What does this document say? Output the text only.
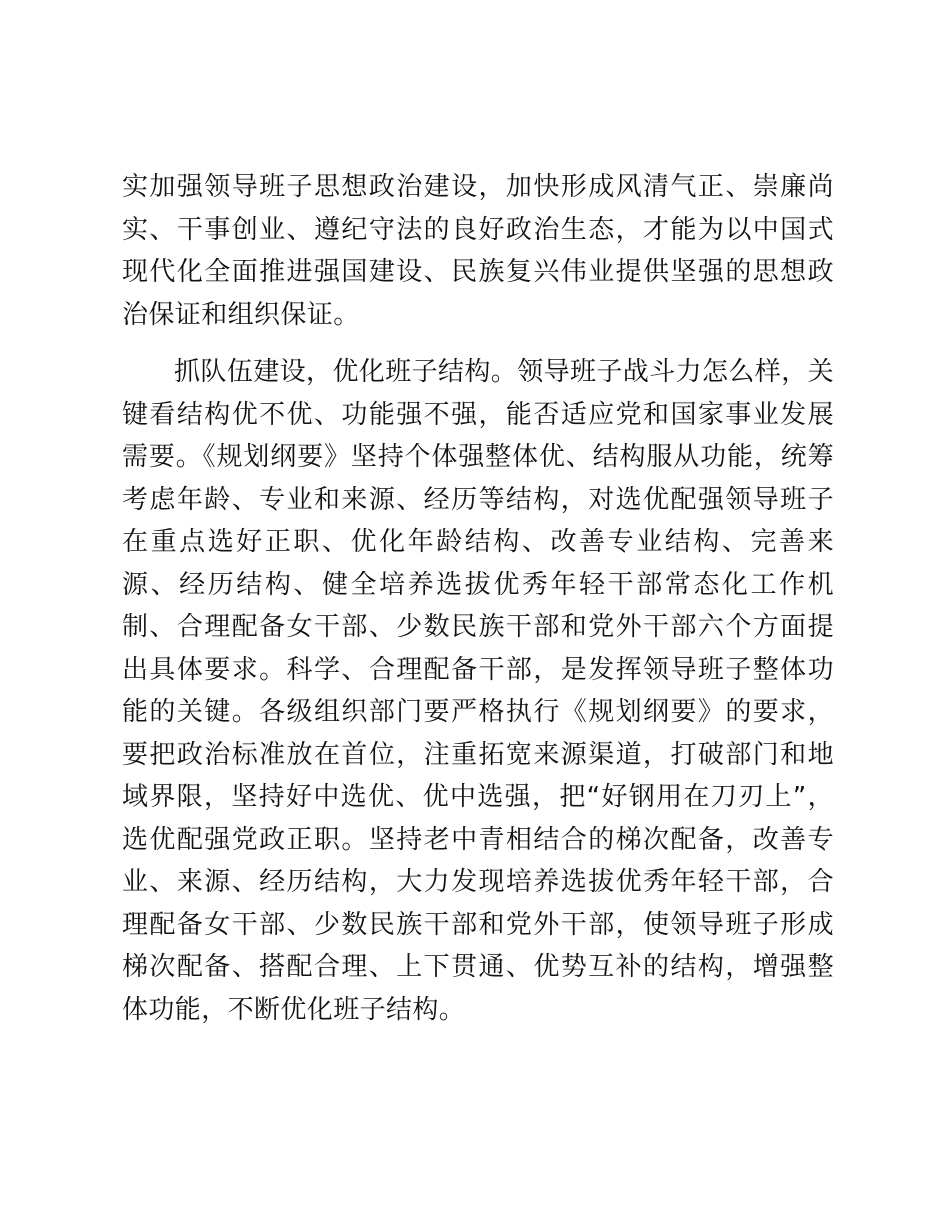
实加强领导班子思想政治建设，加快形成风清气正、崇廉尚实、干事创业、遵纪守法的良好政治生态，才能为以中国式现代化全面推进强国建设、民族复兴伟业提供坚强的思想政治保证和组织保证。

抓队伍建设，优化班子结构。领导班子战斗力怎么样，关键看结构优不优、功能强不强，能否适应党和国家事业发展需要。《规划纲要》坚持个体强整体优、结构服从功能，统筹考虑年龄、专业和来源、经历等结构，对选优配强领导班子在重点选好正职、优化年龄结构、改善专业结构、完善来源、经历结构、健全培养选拔优秀年轻干部常态化工作机制、合理配备女干部、少数民族干部和党外干部六个方面提出具体要求。科学、合理配备干部，是发挥领导班子整体功能的关键。各级组织部门要严格执行《规划纲要》的要求，要把政治标准放在首位，注重拓宽来源渠道，打破部门和地域界限，坚持好中选优、优中选强，把“好钢用在刀刃上”，选优配强党政正职。坚持老中青相结合的梯次配备，改善专业、来源、经历结构，大力发现培养选拔优秀年轻干部，合理配备女干部、少数民族干部和党外干部，使领导班子形成梯次配备、搭配合理、上下贯通、优势互补的结构，增强整体功能，不断优化班子结构。
